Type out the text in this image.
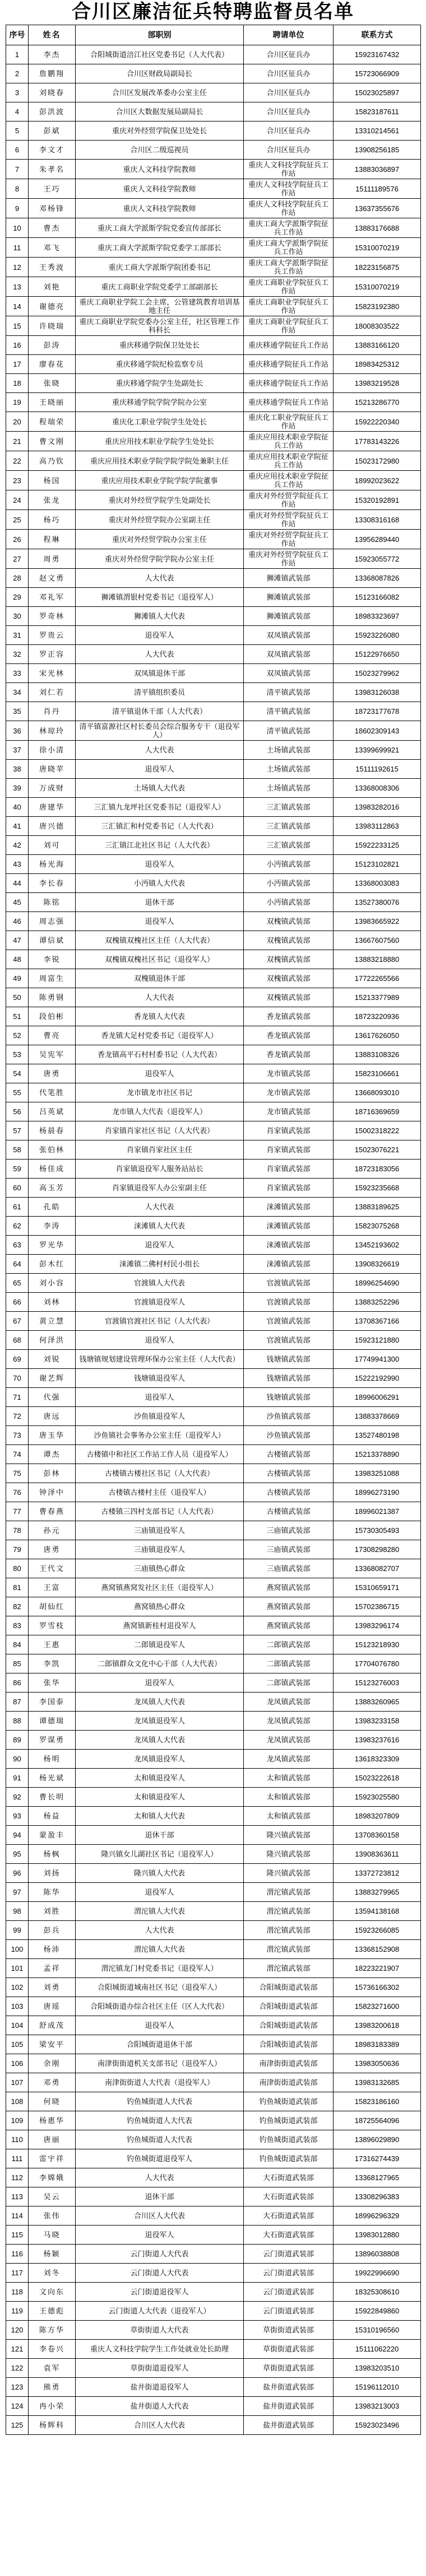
合川区廉洁征兵特聘监督员名单
序号	姓名	部职别	聘请单位	联系方式
1	李杰	合阳城街道涪江社区党委书记（人大代表）	合川区征兵办	15923167432
2	詹鹏翔	合川区财政局副局长	合川区征兵办	15723066909
3	刘晓春	合川区发展改革委办公室主任	合川区征兵办	15023025897
4	彭洪波	合川区大数据发展局副局长	合川区征兵办	15823187611
5	彭斌	重庆对外经贸学院保卫处处长	合川区征兵办	13310214561
6	李文才	合川区二级巡视员	合川区征兵办	13908256185
7	朱孝名	重庆人文科技学院教师	重庆人文科技学院征兵工作站	13883036897
8	王巧	重庆人文科技学院教师	重庆人文科技学院征兵工作站	15111189576
9	邓杨锋	重庆人文科技学院教师	重庆人文科技学院征兵工作站	13637355676
10	曹杰	重庆工商大学派斯学院党委宣传部部长	重庆工商大学派斯学院征兵工作站	13883176688
11	邓飞	重庆工商大学派斯学院党委学工部部长	重庆工商大学派斯学院征兵工作站	15310070219
12	王秀波	重庆工商大学派斯学院团委书记	重庆工商大学派斯学院征兵工作站	18223156875
13	刘艳	重庆工商职业学院党委学工部副部长	重庆工商职业学院征兵工作站	15310070219
14	谢德亮	重庆工商职业学院工会主席，公管建筑教育培训基地主任	重庆工商职业学院征兵工作站	15823192380
15	许晓瑞	重庆工商职业学院党委办公室主任，社区管理工作科科长	重庆工商职业学院征兵工作站	18008303522
16	彭涛	重庆移通学院保卫处处长	重庆移通学院征兵工作站	13883166120
17	廖春花	重庆移通学院纪检监察专员	重庆移通学院征兵工作站	18983425312
18	张晓	重庆移通学院学生处副处长	重庆移通学院征兵工作站	13983219528
19	王晓丽	重庆移通学院学院学院办公室	重庆移通学院征兵工作站	15213286770
20	程瑞荣	重庆化工职业学院学生处处长	重庆化工职业学院征兵工作站	15922220340
21	曹文刚	重庆应用技术职业学院学生处处长	重庆应用技术职业学院征兵工作站	17783143226
22	高乃钦	重庆应用技术职业学院学院学院处兼职主任	重庆应用技术职业学院征兵工作站	15023172980
23	杨国	重庆应用技术职业学院学院学院董事	重庆应用技术职业学院征兵工作站	18992023622
24	张龙	重庆对外经贸学院学生处副处长	重庆对外经贸学院征兵工作站	15320192891
25	杨巧	重庆对外经贸学院办公室副主任	重庆对外经贸学院征兵工作站	13308316168
26	程琳	重庆对外经贸学院办公室主任	重庆对外经贸学院征兵工作站	13956289440
27	周勇	重庆对外经贸学院学院办公室主任	重庆对外经贸学院征兵工作站	15923055772
28	赵文勇	人大代表	狮滩镇武装部	13368087826
29	邓礼军	狮滩镇渭银村党委书记（退役军人）	狮滩镇武装部	15123166082
30	罗奇林	狮滩镇人大代表	狮滩镇武装部	18983323697
31	罗贵云	退役军人	双凤镇武装部	15923226080
32	罗正容	人大代表	双凤镇武装部	15122976650
33	宋光林	双凤镇退休干部	双凤镇武装部	15023279962
34	刘仁若	清平镇组织委员	清平镇武装部	13983126038
35	肖丹	清平镇退休干部（人大代表）	清平镇武装部	18723177678
36	林琼玲	清平镇富源社区村长委员会综合服务专干（退役军人）	清平镇武装部	18602309143
37	徐小清	人大代表	土场镇武装部	13399699921
38	唐晓苹	退役军人	土场镇武装部	15111192615
39	万成财	土场镇人大代表	土场镇武装部	13368008306
40	唐建华	三汇镇九龙坪社区党委书记（退役军人）	三汇镇武装部	13983282016
41	唐兴德	三汇镇汇和村党委书记（人大代表）	三汇镇武装部	13983112863
42	刘可	三汇镇江北社区书记（人大代表）	三汇镇武装部	15922233125
43	杨光海	退役军人	小沔镇武装部	15123102821
44	李长春	小沔镇人大代表	小沔镇武装部	13368003083
45	陈铭	退休干部	小沔镇武装部	13527380076
46	周志强	退役军人	双槐镇武装部	13983665922
47	谭信斌	双槐镇双槐社区主任（人大代表）	双槐镇武装部	13667607560
48	李锐	双槐镇双槐社区书记（退役军人）	双槐镇武装部	13883218880
49	周富生	双槐镇退休干部	双槐镇武装部	17722265566
50	陈勇钢	人大代表	双槐镇武装部	15213377989
51	段伯彬	香龙镇人大代表	香龙镇武装部	18723220936
52	曹亮	香龙镇大足村党委书记（退役军人）	香龙镇武装部	13617626050
53	吴宪军	香龙镇高平石村村委书记（人大代表）	香龙镇武装部	13883108326
54	唐勇	退役军人	龙市镇武装部	15823106661
55	代笔胜	龙市镇龙市社区书记	龙市镇武装部	13668093010
56	吕英斌	龙市镇人大代表（退役军人）	龙市镇武装部	18716369659
57	杨晨春	肖家镇肖家社区书记（人大代表）	肖家镇武装部	15002318222
58	张伯林	肖家镇肖家社区主任	肖家镇武装部	15023076221
59	杨佳成	肖家镇退役军人服务站站长	肖家镇武装部	18723183056
60	高玉芳	肖家镇退役军人办公室副主任	肖家镇武装部	15923235668
61	孔皓	人大代表	涞滩镇武装部	13883189625
62	李涛	涞滩镇人大代表	涞滩镇武装部	15823075268
63	罗光华	退役军人	涞滩镇武装部	13452193602
64	彭木红	涞滩镇二佛村村民小组长	涞滩镇武装部	13908326619
65	刘小容	官渡镇人大代表	官渡镇武装部	18996254690
66	刘林	官渡镇退役军人	官渡镇武装部	13883252296
67	黄立慧	官渡镇官渡社区书记（人大代表）	官渡镇武装部	13708367166
68	何泽洪	退役军人	官渡镇武装部	15923121880
69	刘锐	钱塘镇规划建设管理环保办公室主任（人大代表）	钱塘镇武装部	17749941300
70	谢艺辉	钱塘镇退役军人	钱塘镇武装部	15222192990
71	代强	退役军人	钱塘镇武装部	18996006291
72	唐远	沙鱼镇退役军人	沙鱼镇武装部	13883378669
73	唐玉华	沙鱼镇社会事务办公室主任（退役军人）	沙鱼镇武装部	13527480198
74	谭杰	古楼镇中和社区工作站工作人员（退役军人）	古楼镇武装部	15213378890
75	彭林	古楼镇古楼社区书记（人大代表）	古楼镇武装部	13983251088
76	钟泽中	古楼镇古楼村主任（退役军人）	古楼镇武装部	18996273190
77	曹春燕	古楼镇三四村支部书记（人大代表）	古楼镇武装部	18996021387
78	孙元	三庙镇退役军人	三庙镇武装部	15730305493
79	唐勇	三庙镇退役军人	三庙镇武装部	17308298280
80	王代文	三庙镇热心群众	三庙镇武装部	13368082707
81	王富	燕窝镇燕窝发社区主任（退役军人）	燕窝镇武装部	15310659171
82	胡仙红	燕窝镇热心群众	燕窝镇武装部	15702386715
83	罗雪枝	燕窝镇新桂村退役军人	燕窝镇武装部	13983296174
84	王惠	二郎镇退役军人	二郎镇武装部	15123218930
85	李凯	二郎镇群众文化中心干部（人大代表）	二郎镇武装部	17704076780
86	张华	退役军人	二郎镇武装部	15123276003
87	李国泰	龙凤镇人大代表	龙凤镇武装部	13883260965
88	谭德瑞	龙凤镇退役军人	龙凤镇武装部	13983233158
89	罗谋勇	龙凤镇人大代表	龙凤镇武装部	13983237616
90	杨明	龙凤镇退役军人	龙凤镇武装部	13618323309
91	杨光斌	太和镇退役军人	太和镇武装部	15023222618
92	曹长明	太和镇退役军人	太和镇武装部	15923025580
93	杨益	太和镇人大代表	太和镇武装部	18983207809
94	蒙盈丰	退休干部	隆兴镇武装部	13708360158
95	杨枫	隆兴镇女儿湖社区书记（退役军人）	隆兴镇武装部	13908363611
96	刘扬	隆兴镇人大代表	隆兴镇武装部	13372723812
97	陈华	退役军人	渭沱镇武装部	13883279965
98	刘胜	渭沱镇人大代表	渭沱镇武装部	13594138168
99	彭兵	人大代表	渭沱镇武装部	15923266085
100	杨沛	渭沱镇人大代表	渭沱镇武装部	13368152908
101	孟祥	渭沱镇龙门村党委书记（退役军人）	渭沱镇武装部	18223221907
102	刘勇	合阳城街道城南社区书记（退役军人）	合阳城街道武装部	15736166302
103	唐瑶	合阳城街道办综合社区主任（区人大代表）	合阳城街道武装部	15823271600
104	舒成茂	退役军人	合阳城街道武装部	13983200618
105	梁安平	合阳城街道退休干部	合阳城街道武装部	18983183389
106	余刚	南津街街道机关支部书记（退役军人）	南津街街道武装部	13983050636
107	邓勇	南津街街道人大代表（退役军人）	南津街街道武装部	13983132685
108	何晓	钓鱼城街道人大代表	钓鱼城街道武装部	15823186160
109	杨惠华	钓鱼城街道人大代表	钓鱼城街道武装部	18725564096
110	唐丽	钓鱼城街道人大代表	钓鱼城街道武装部	13896029890
111	雷宇祥	钓鱼城街道退役军人	钓鱼城街道武装部	17316274439
112	李嫦娥	人大代表	大石街道武装部	13368127965
113	吴云	退休干部	大石街道武装部	13308296383
114	张伟	合川区人大代表	大石街道武装部	18996296329
115	马晓	退役军人	大石街道武装部	13983012880
116	杨颖	云门街道人大代表	云门街道武装部	13896038808
117	刘冬	云门街道人大代表	云门街道武装部	19922996690
118	文向东	云门街道退役军人	云门街道武装部	18325308610
119	王德彪	云门街道人大代表（退役军人）	云门街道武装部	15922849860
120	陈方华	草街街道人大代表	草街街道武装部	15310196560
121	李卷兴	重庆人文科技学院学生工作处就业处长助理	草街街道武装部	15111062220
122	袁军	草街街道退役军人	草街街道武装部	13983203510
123	熊勇	盐井街道退役军人	盐井街道武装部	15196112010
124	冉小荣	盐井街道人大代表	盐井街道武装部	13983213003
125	杨辉科	合川区人大代表	盐井街道武装部	15923023496
